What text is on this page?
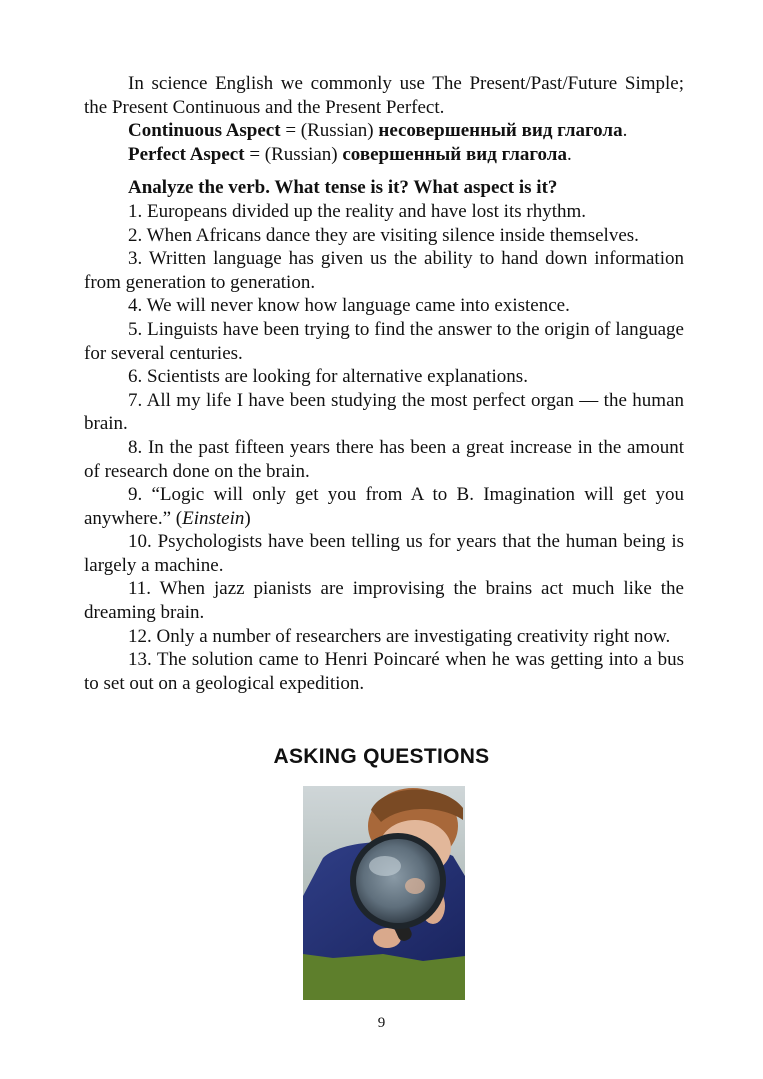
In science English we commonly use The Present/Past/Future Simple; the Present Continuous and the Present Perfect.

Continuous Aspect = (Russian) несовершенный вид глагола.

Perfect Aspect = (Russian) совершенный вид глагола.

Analyze the verb. What tense is it? What aspect is it?

1. Europeans divided up the reality and have lost its rhythm.

2. When Africans dance they are visiting silence inside themselves.

3. Written language has given us the ability to hand down information from generation to generation.

4. We will never know how language came into existence.

5. Linguists have been trying to find the answer to the origin of language for several centuries.

6. Scientists are looking for alternative explanations.

7. All my life I have been studying the most perfect organ — the human brain.

8. In the past fifteen years there has been a great increase in the amount of research done on the brain.

9. “Logic will only get you from A to B. Imagination will get you anywhere.” (Einstein)

10. Psychologists have been telling us for years that the human being is largely a machine.

11. When jazz pianists are improvising the brains act much like the dreaming brain.

12. Only a number of researchers are investigating creativity right now.

13. The solution came to Henri Poincaré when he was getting into a bus to set out on a geological expedition.

ASKING QUESTIONS
9
